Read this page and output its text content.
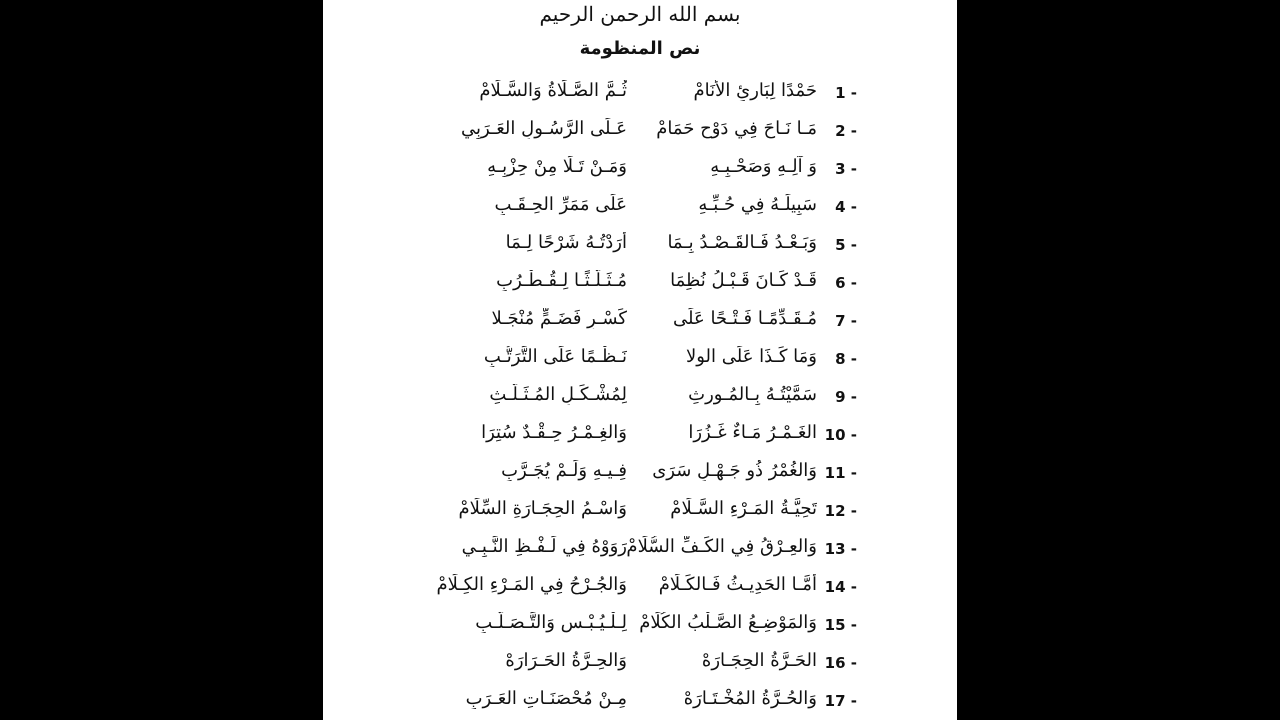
بسم الله الرحمن الرحيم
نص المنظومة
1 -
حَمْدًا لِبَارِئِ الأَنَامْ
ثُـمَّ الصَّـلَاةُ وَالسَّـلَامْ
2 -
مَـا نَـاحَ فِي دَوْحٍ حَمَامْ
عَـلَى الرَّسُـولِ العَـرَبِي
3 -
وَ آلِـهِ وَصَحْـبِـهِ
وَمَـنْ تَـلَا مِنْ حِزْبِـهِ
4 -
سَبِيلَـهُ فِي حُـبِّـهِ
عَلَى مَمَرِّ الحِـقَـبِ
5 -
وَبَـعْـدُ فَـالقَـصْـدُ بِـمَا
أَرَدْتُـهُ شَرْحًا لِـمَا
6 -
قَـدْ كَـانَ قَـبْـلُ نُظِمَا
مُـثَـلَّـثًـا لِـقُـطْـرُبِ
7 -
مُـقَـدِّمًـا فَـتْـحًا عَلَى
كَسْـرٍ فَضَـمٍّ مُنْجَـلا
8 -
وَمَا كَـذَا عَلَى الوِلا
نَـظْـمًا عَلَى التَّرَتُّـبِ
9 -
سَمَّيْتُـهُ بِـالمُـورِثِ
لِمُشْـكَـلِ المُـثَـلَّـثِ
10 -
الغَـمْـرُ مَـاءٌ غَـزُرَا
وَالغِـمْـرُ حِـقْـدٌ سُتِرَا
11 -
وَالغُمْرُ ذُو جَـهْـلٍ سَرَى
فِـيـهِ وَلَـمْ يُجَـرَّبِ
12 -
تَحِيَّـةُ المَـرْءِ السَّـلَامْ
وَاسْـمُ الحِجَـارَةِ السِّلَامْ
13 -
وَالعِـرْقُ فِي الكَـفِّ السُّلَامْ
رَوَوْهُ فِي لَـفْـظِ النَّـبِـي
14 -
أَمَّـا الحَدِيـثُ فَـالكَـلَامْ
وَالجُـرْحُ فِي المَـرْءِ الكِـلَامْ
15 -
وَالمَوْضِـعُ الصَّـلْبُ الكُلَامْ
لِـلْـيُـبْـسِ وَالتَّـصَـلُّـبِ
16 -
الحَـرَّةُ الحِجَـارَهْ
وَالحِـرَّةُ الحَـرَارَهْ
17 -
وَالحُـرَّةُ المُخْـتَـارَهْ
مِـنْ مُحْصَنَـاتِ العَـرَبِ
